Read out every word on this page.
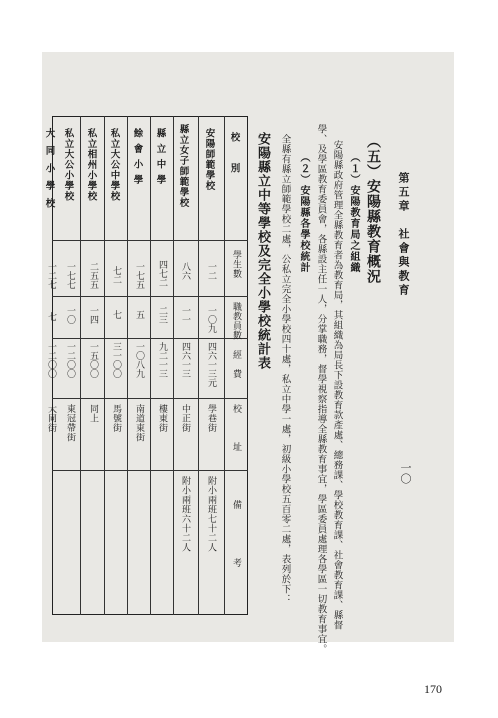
第五章　社會與教育
一〇
（五）安陽縣教育概況
（１）安陽教育局之組織
安陽縣政府管理全縣教育者為教育局，其組織為局長下設教育款產處、總務課、學校教育課、社會教育課、縣督
學、及學區教育委員會，各縣設主任一人，分掌職務，督學視察指導全縣教育事宜，學區委員處理各學區一切教育事宜。
（２）安陽縣各學校統計
全縣有縣立師範學校二處，公私立完全小學校四十處，私立中學一處，初級小學校五百零二處，表列於下：
安陽縣立中等學校及完全小學校統計表
校　別
學生數
職教員數
經費
校　址
備　考
安陽師範學校
一二
一〇九
四六一三元
學巷街
附小兩班七十二人
縣立女子師範學校
八六
一一
四六一三
中正街
附小兩班六十二人
縣立中學
四七二
二三
九二一三
樓東街
餘會小學
一七五
五
一〇八九
南道東街
私立大公中學校
七二
七
三一〇〇
馬號街
私立相州小學校
二五五
一四
一五〇〇
同上
私立大公小學校
一七七
一〇
一二〇〇
東冠帶街
大同小學校
一二七
七
一二〇〇
大同街
170
